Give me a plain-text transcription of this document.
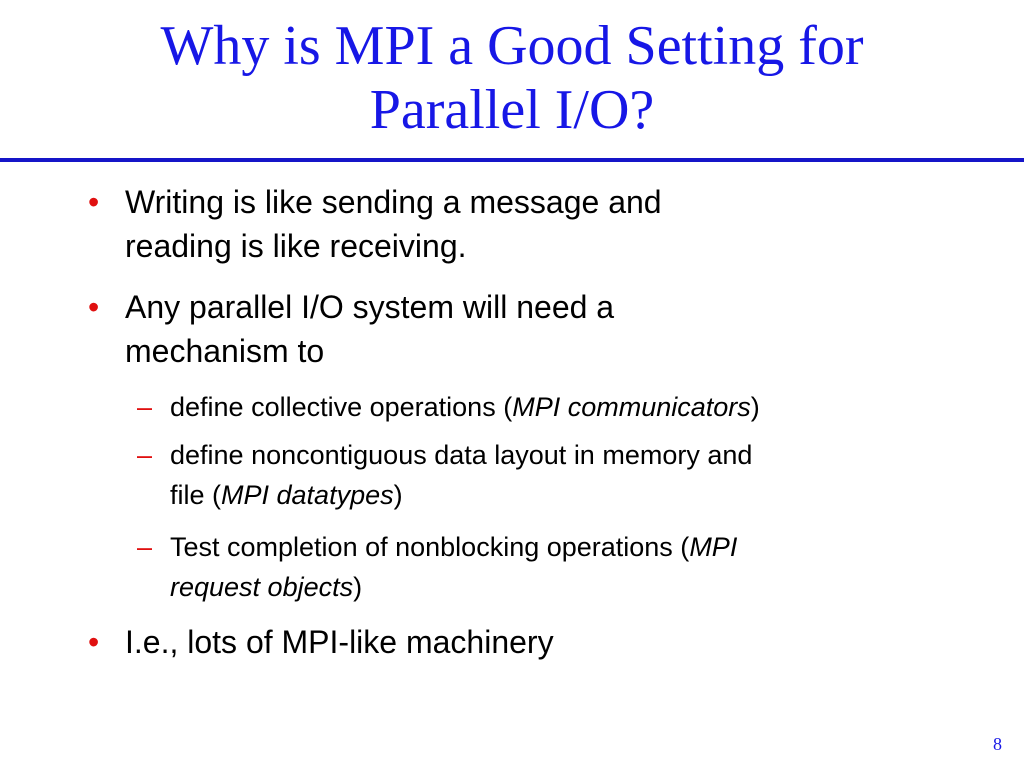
Why is MPI a Good Setting for
Parallel I/O?
• Writing is like sending a message and
reading is like receiving.
• Any parallel I/O system will need a
mechanism to
– define collective operations (MPI communicators)
– define noncontiguous data layout in memory and
file (MPI datatypes)
– Test completion of nonblocking operations (MPI
request objects)
• I.e., lots of MPI-like machinery
8
